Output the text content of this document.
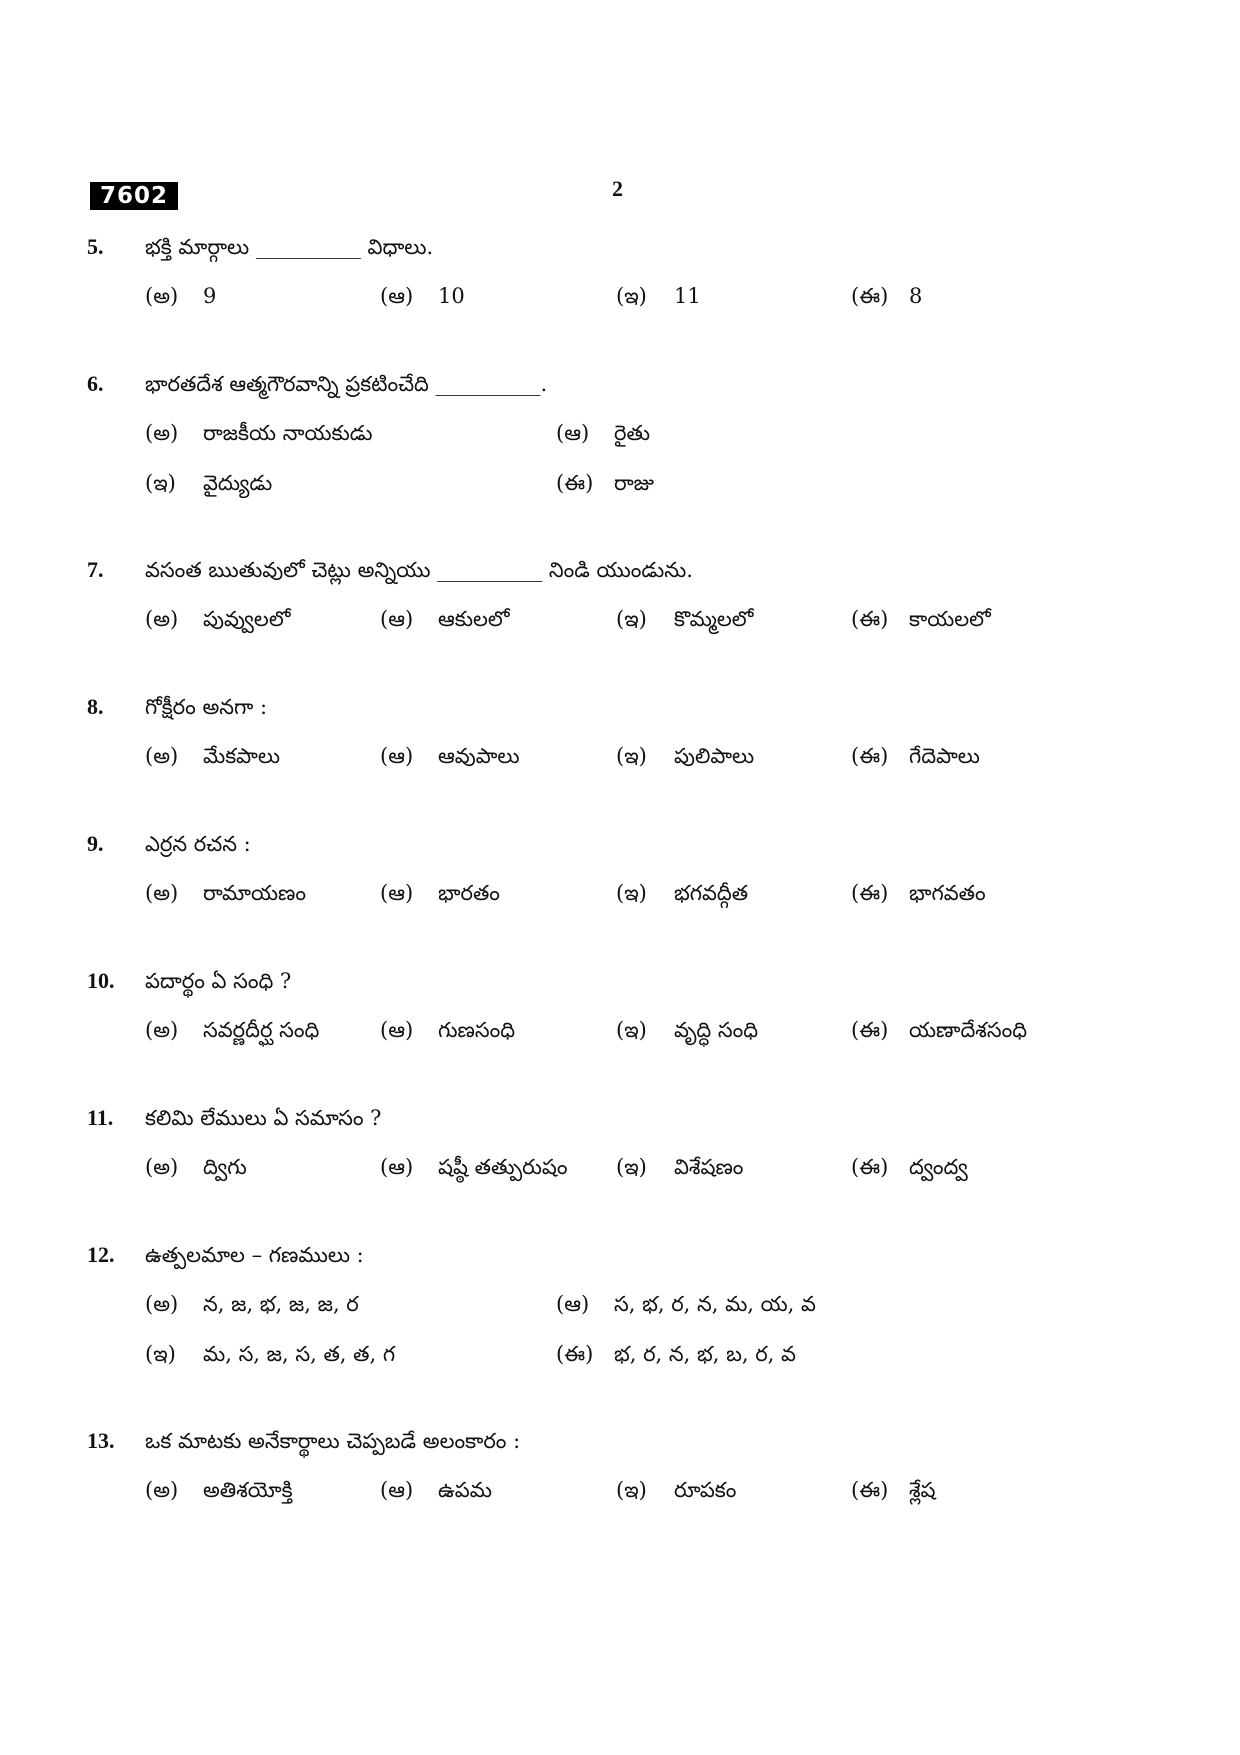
7602	2
5. భక్తి మార్గాలు __________ విధాలు.
(అ) 9	(ఆ) 10	(ఇ) 11	(ఈ) 8
6. భారతదేశ ఆత్మగౌరవాన్ని ప్రకటించేది __________.
(అ) రాజకీయ నాయకుడు	(ఆ) రైతు
(ఇ) వైద్యుడు	(ఈ) రాజు
7. వసంత ఋతువులో చెట్లు అన్నియు __________ నిండి యుండును.
(అ) పువ్వులలో	(ఆ) ఆకులలో	(ఇ) కొమ్మలలో	(ఈ) కాయలలో
8. గోక్షీరం అనగా :
(అ) మేకపాలు	(ఆ) ఆవుపాలు	(ఇ) పులిపాలు	(ఈ) గేదెపాలు
9. ఎర్రన రచన :
(అ) రామాయణం	(ఆ) భారతం	(ఇ) భగవద్గీత	(ఈ) భాగవతం
10. పదార్థం ఏ సంధి ?
(అ) సవర్ణదీర్ఘ సంధి	(ఆ) గుణసంధి	(ఇ) వృద్ధి సంధి	(ఈ) యణాదేశసంధి
11. కలిమి లేములు ఏ సమాసం ?
(అ) ద్విగు	(ఆ) షష్ఠీ తత్పురుషం (ఇ) విశేషణం	(ఈ) ద్వంద్వ
12. ఉత్పలమాల – గణములు :
(అ) న, జ, భ, జ, జ, ర	(ఆ) స, భ, ర, న, మ, య, వ
(ఇ) మ, స, జ, స, త, త, గ	(ఈ) భ, ర, న, భ, బ, ర, వ
13. ఒక మాటకు అనేకార్థాలు చెప్పబడే అలంకారం :
(అ) అతిశయోక్తి	(ఆ) ఉపమ	(ఇ) రూపకం	(ఈ) శ్లేష
